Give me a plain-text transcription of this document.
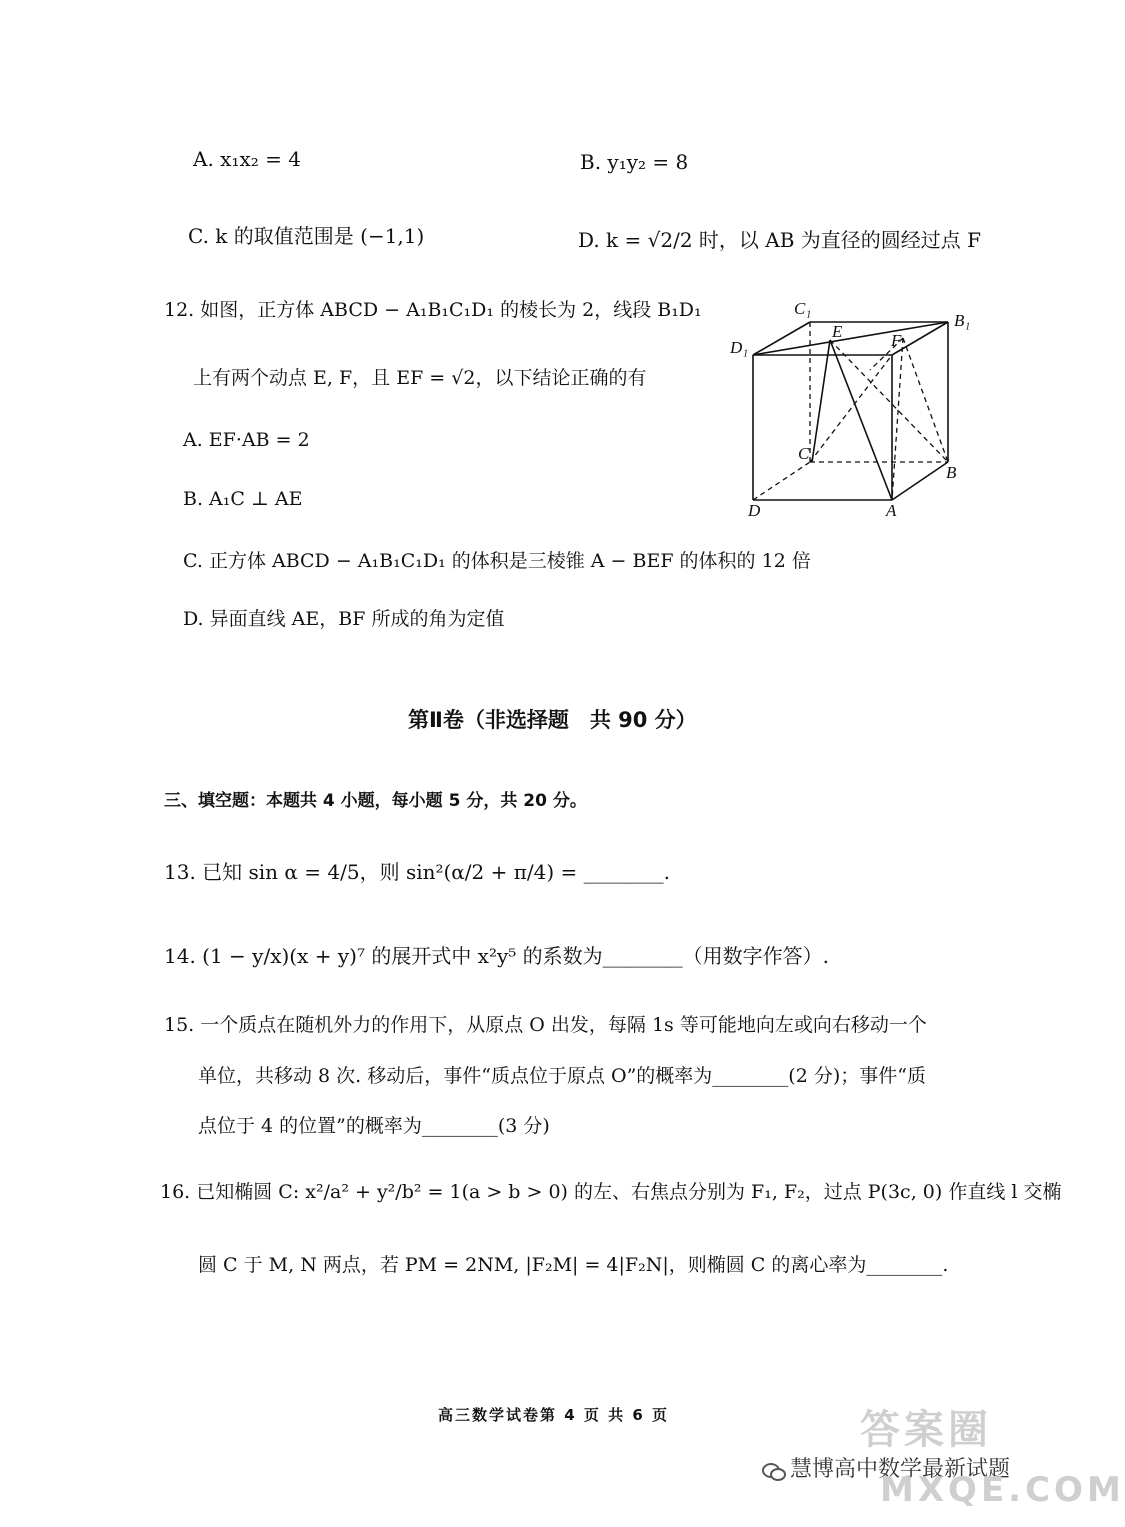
A. x₁x₂ = 4	B. y₁y₂ = 8
C. k 的取值范围是 (−1,1)	D. k = √2/2 时，以 AB 为直径的圆经过点 F
12. 如图，正方体 ABCD − A₁B₁C₁D₁ 的棱长为 2，线段 B₁D₁
上有两个动点 E, F，且 EF = √2，以下结论正确的有
A. EF·AB = 2
B. A₁C ⊥ AE
C. 正方体 ABCD − A₁B₁C₁D₁ 的体积是三棱锥 A − BEF 的体积的 12 倍
D. 异面直线 AE，BF 所成的角为定值
C₁
B₁
D₁
E	F
C
B
D	A
第Ⅱ卷（非选择题　共 90 分）
三、填空题：本题共 4 小题，每小题 5 分，共 20 分。
13. 已知 sin α = 4/5，则 sin²(α/2 + π/4) = ________.
14. (1 − y/x)(x + y)⁷ 的展开式中 x²y⁵ 的系数为________（用数字作答）.
15. 一个质点在随机外力的作用下，从原点 O 出发，每隔 1s 等可能地向左或向右移动一个
单位，共移动 8 次. 移动后，事件“质点位于原点 O”的概率为________(2 分)；事件“质
点位于 4 的位置”的概率为________(3 分)
16. 已知椭圆 C: x²/a² + y²/b² = 1(a > b > 0) 的左、右焦点分别为 F₁, F₂，过点 P(3c, 0) 作直线 l 交椭
圆 C 于 M, N 两点，若 PM = 2NM, |F₂M| = 4|F₂N|，则椭圆 C 的离心率为________.
高三数学试卷第 4 页 共 6 页	答案圈
慧博高中数学最新试题
MXQE.COM
